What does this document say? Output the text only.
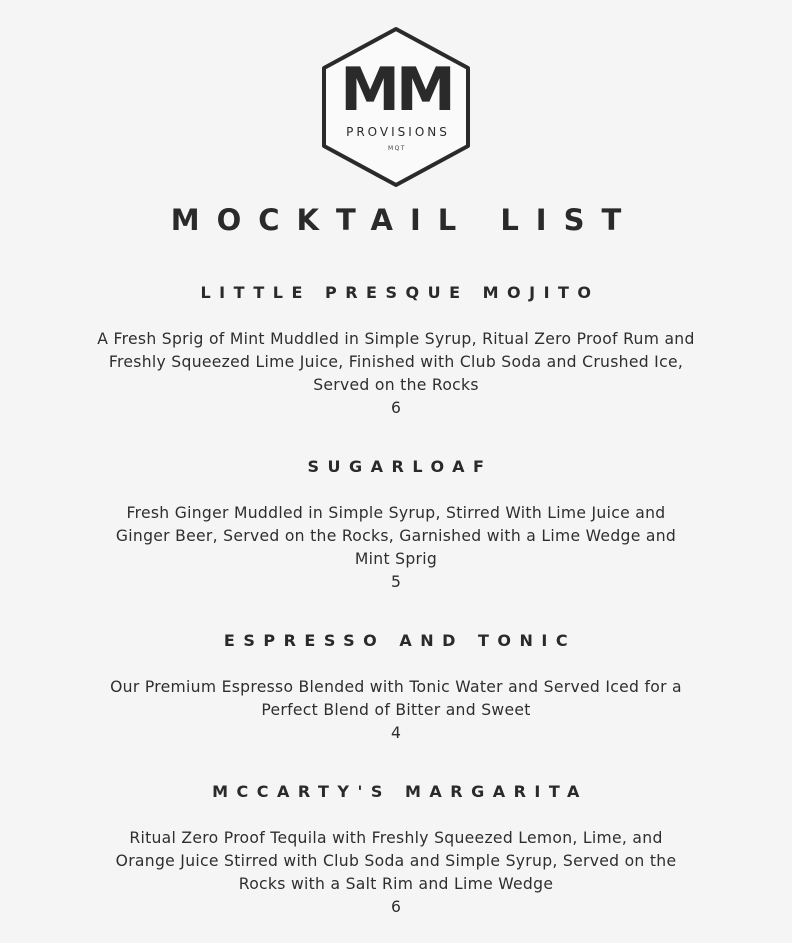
MM
PROVISIONS
MQT
MOCKTAIL LIST
LITTLE PRESQUE MOJITO
A Fresh Sprig of Mint Muddled in Simple Syrup, Ritual Zero Proof Rum and
Freshly Squeezed Lime Juice, Finished with Club Soda and Crushed Ice,
Served on the Rocks
6
SUGARLOAF
Fresh Ginger Muddled in Simple Syrup, Stirred With Lime Juice and
Ginger Beer, Served on the Rocks, Garnished with a Lime Wedge and
Mint Sprig
5
ESPRESSO AND TONIC
Our Premium Espresso Blended with Tonic Water and Served Iced for a
Perfect Blend of Bitter and Sweet
4
MCCARTY'S MARGARITA
Ritual Zero Proof Tequila with Freshly Squeezed Lemon, Lime, and
Orange Juice Stirred with Club Soda and Simple Syrup, Served on the
Rocks with a Salt Rim and Lime Wedge
6
